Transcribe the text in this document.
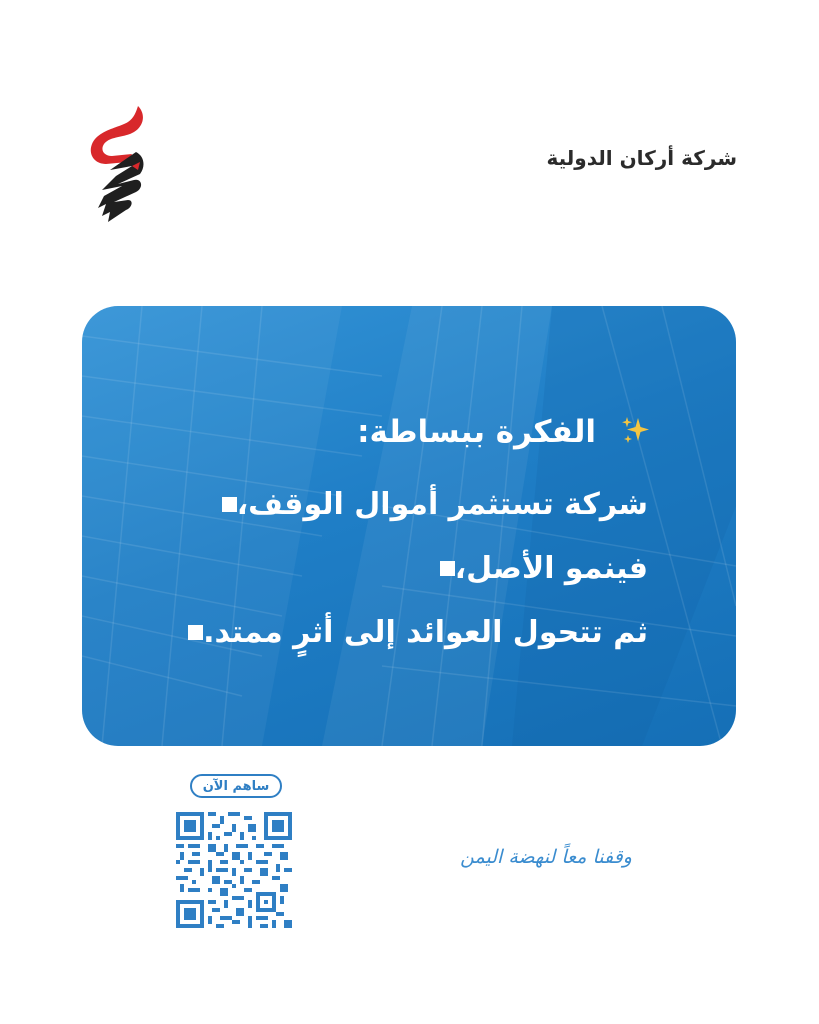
شركة أركان الدولية
الفكرة ببساطة:
شركة تستثمر أموال الوقف،
فينمو الأصل،
ثم تتحول العوائد إلى أثرٍ ممتد.
ساهم الآن
وقفنا معاً لنهضة اليمن
